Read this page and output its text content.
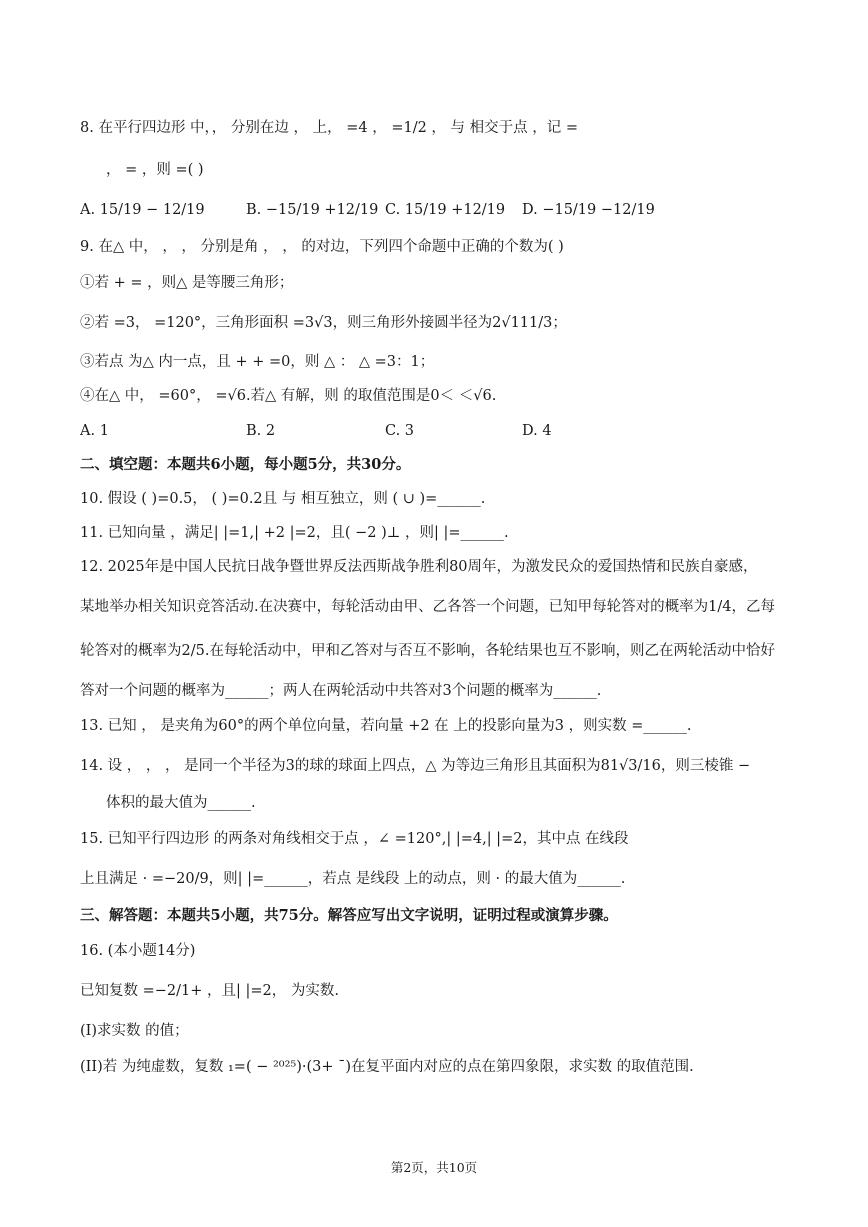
8. 在平行四边形 中，， 分别在边 ， 上， =4 ， =1/2 ， 与 相交于点 ，记 =
， = ，则 =( )
A. 15/19 − 12/19	B. −15/19 +12/19 C. 15/19 +12/19 D. −15/19 −12/19
9. 在△ 中， ， ， 分别是角 ， ， 的对边，下列四个命题中正确的个数为( )
①若 + = ，则△ 是等腰三角形；
②若 =3， =120°，三角形面积 =3√3，则三角形外接圆半径为2√111/3；
③若点 为△ 内一点，且 + + =0，则 △ ： △ =3：1；
④在△ 中， =60°， =√6.若△ 有解，则 的取值范围是0＜ ＜√6.
A. 1	B. 2	C. 3	D. 4
二、填空题：本题共6小题，每小题5分，共30分。
10. 假设 ( )=0.5， ( )=0.2且 与 相互独立，则 ( ∪ )=______.
11. 已知向量 ，满足| |=1,| +2 |=2，且( −2 )⊥ ，则| |=______.
12. 2025年是中国人民抗日战争暨世界反法西斯战争胜利80周年，为激发民众的爱国热情和民族自豪感，
某地举办相关知识竞答活动.在决赛中，每轮活动由甲、乙各答一个问题，已知甲每轮答对的概率为1/4，乙每
轮答对的概率为2/5.在每轮活动中，甲和乙答对与否互不影响，各轮结果也互不影响，则乙在两轮活动中恰好
答对一个问题的概率为______；两人在两轮活动中共答对3个问题的概率为______.
13. 已知 ， 是夹角为60°的两个单位向量，若向量 +2 在 上的投影向量为3 ，则实数 =______.
14. 设 ， ， ， 是同一个半径为3的球的球面上四点，△ 为等边三角形且其面积为81√3/16，则三棱锥 −
体积的最大值为______.
15. 已知平行四边形 的两条对角线相交于点 ，∠ =120°,| |=4,| |=2，其中点 在线段
上且满足 · =−20/9，则| |=______，若点 是线段 上的动点，则 · 的最大值为______.
三、解答题：本题共5小题，共75分。解答应写出文字说明，证明过程或演算步骤。
16. (本小题14分)
已知复数 =−2/1+ ，且| |=2， 为实数.
(I)求实数 的值；
(II)若 为纯虚数，复数 ₁=( − ²⁰²⁵)·(3+ ¯)在复平面内对应的点在第四象限，求实数 的取值范围.
第2页，共10页
